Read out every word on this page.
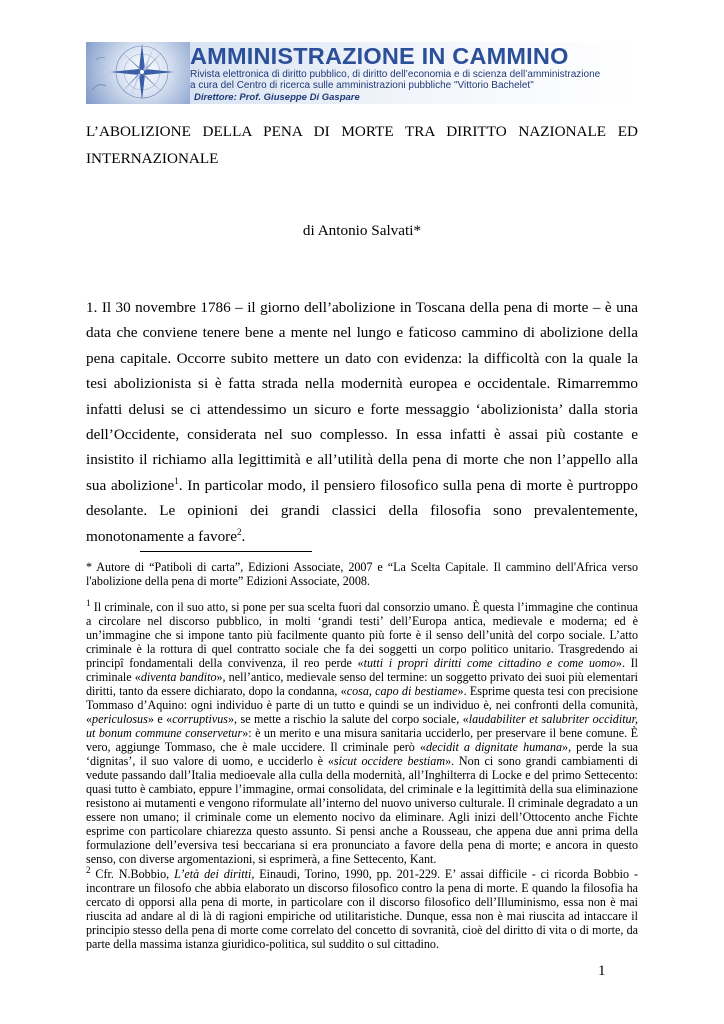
AMMINISTRAZIONE IN CAMMINO
Rivista elettronica di diritto pubblico, di diritto dell’economia e di scienza dell’amministrazione
a cura del Centro di ricerca sulle amministrazioni pubbliche "Vittorio Bachelet"
Direttore: Prof. Giuseppe Di Gaspare
L’ABOLIZIONE DELLA PENA DI MORTE TRA DIRITTO NAZIONALE ED INTERNAZIONALE
di Antonio Salvati*

1. Il 30 novembre 1786 – il giorno dell’abolizione in Toscana della pena di morte – è una data che conviene tenere bene a mente nel lungo e faticoso cammino di abolizione della pena capitale. Occorre subito mettere un dato con evidenza: la difficoltà con la quale la tesi abolizionista si è fatta strada nella modernità europea e occidentale. Rimarremmo infatti delusi se ci attendessimo un sicuro e forte messaggio ‘abolizionista’ dalla storia dell’Occidente, considerata nel suo complesso. In essa infatti è assai più costante e insistito il richiamo alla legittimità e all’utilità della pena di morte che non l’appello alla sua abolizione$^1$. In particolar modo, il pensiero filosofico sulla pena di morte è purtroppo desolante. Le opinioni dei grandi classici della filosofia sono prevalentemente, monotonamente a favore$^2$.

* Autore di “Patiboli di carta”, Edizioni Associate, 2007 e “La Scelta Capitale. Il cammino dell'Africa verso l'abolizione della pena di morte” Edizioni Associate, 2008.

$^1$ Il criminale, con il suo atto, si pone per sua scelta fuori dal consorzio umano. È questa l’immagine che continua a circolare nel discorso pubblico, in molti ‘grandi testi’ dell’Europa antica, medievale e moderna; ed è un’immagine che si impone tanto più facilmente quanto più forte è il senso dell’unità del corpo sociale. L’atto criminale è la rottura di quel contratto sociale che fa dei soggetti un corpo politico unitario. Trasgredendo ai principî fondamentali della convivenza, il reo perde «tutti i propri diritti come cittadino e come uomo». Il criminale «diventa bandito», nell’antico, medievale senso del termine: un soggetto privato dei suoi più elementari diritti, tanto da essere dichiarato, dopo la condanna, «cosa, capo di bestiame». Esprime questa tesi con precisione Tommaso d’Aquino: ogni individuo è parte di un tutto e quindi se un individuo è, nei confronti della comunità, «periculosus» e «corruptivus», se mette a rischio la salute del corpo sociale, «laudabiliter et salubriter occiditur, ut bonum commune conservetur»: è un merito e una misura sanitaria ucciderlo, per preservare il bene comune. È vero, aggiunge Tommaso, che è male uccidere. Il criminale però «decidit a dignitate humana», perde la sua ‘dignitas’, il suo valore di uomo, e ucciderlo è «sicut occidere bestiam». Non ci sono grandi cambiamenti di vedute passando dall’Italia medioevale alla culla della modernità, all’Inghilterra di Locke e del primo Settecento: quasi tutto è cambiato, eppure l’immagine, ormai consolidata, del criminale e la legittimità della sua eliminazione resistono ai mutamenti e vengono riformulate all’interno del nuovo universo culturale. Il criminale degradato a un essere non umano; il criminale come un elemento nocivo da eliminare. Agli inizi dell’Ottocento anche Fichte esprime con particolare chiarezza questo assunto. Si pensi anche a Rousseau, che appena due anni prima della formulazione dell’eversiva tesi beccariana si era pronunciato a favore della pena di morte; e ancora in questo senso, con diverse argomentazioni, si esprimerà, a fine Settecento, Kant.

$^2$ Cfr. N.Bobbio, L’età dei diritti, Einaudi, Torino, 1990, pp. 201-229. E’ assai difficile - ci ricorda Bobbio - incontrare un filosofo che abbia elaborato un discorso filosofico contro la pena di morte. E quando la filosofia ha cercato di opporsi alla pena di morte, in particolare con il discorso filosofico dell’Illuminismo, essa non è mai riuscita ad andare al di là di ragioni empiriche od utilitaristiche. Dunque, essa non è mai riuscita ad intaccare il principio stesso della pena di morte come correlato del concetto di sovranità, cioè del diritto di vita o di morte, da parte della massima istanza giuridico-politica, sul suddito o sul cittadino.

1
